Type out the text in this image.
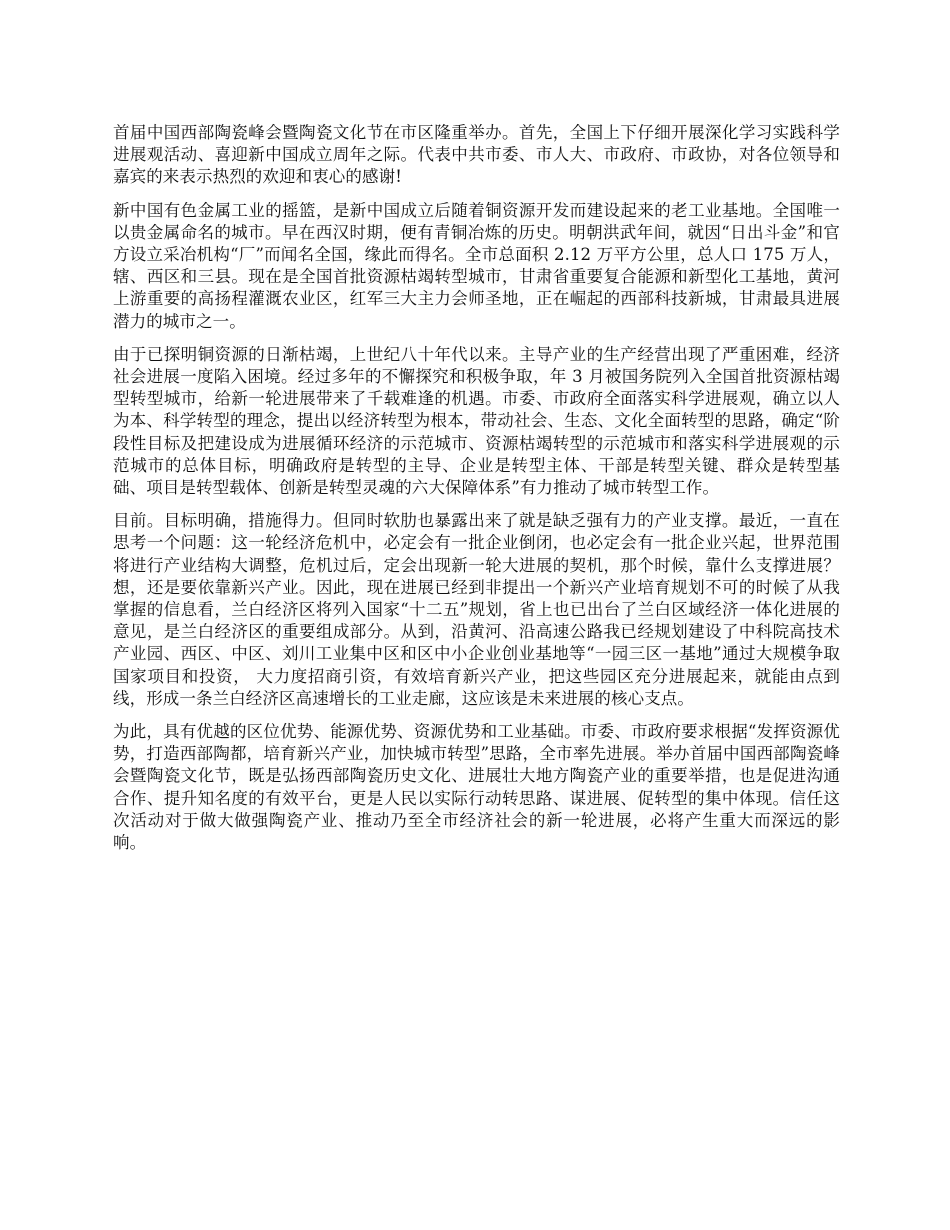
首届中国西部陶瓷峰会暨陶瓷文化节在市区隆重举办。首先，全国上下仔细开展深化学习实践科学进展观活动、喜迎新中国成立周年之际。代表中共市委、市人大、市政府、市政协，对各位领导和嘉宾的来表示热烈的欢迎和衷心的感谢!

新中国有色金属工业的摇篮，是新中国成立后随着铜资源开发而建设起来的老工业基地。全国唯一以贵金属命名的城市。早在西汉时期，便有青铜冶炼的历史。明朝洪武年间，就因“日出斗金”和官方设立采冶机构“厂”而闻名全国，缘此而得名。全市总面积 2.12 万平方公里，总人口 175 万人，辖、西区和三县。现在是全国首批资源枯竭转型城市，甘肃省重要复合能源和新型化工基地，黄河上游重要的高扬程灌溉农业区，红军三大主力会师圣地，正在崛起的西部科技新城，甘肃最具进展潜力的城市之一。

由于已探明铜资源的日渐枯竭，上世纪八十年代以来。主导产业的生产经营出现了严重困难，经济社会进展一度陷入困境。经过多年的不懈探究和积极争取，年 3 月被国务院列入全国首批资源枯竭型转型城市，给新一轮进展带来了千载难逢的机遇。市委、市政府全面落实科学进展观，确立以人为本、科学转型的理念，提出以经济转型为根本，带动社会、生态、文化全面转型的思路，确定“阶段性目标及把建设成为进展循环经济的示范城市、资源枯竭转型的示范城市和落实科学进展观的示范城市的总体目标，明确政府是转型的主导、企业是转型主体、干部是转型关键、群众是转型基础、项目是转型载体、创新是转型灵魂的六大保障体系”有力推动了城市转型工作。

目前。目标明确，措施得力。但同时软肋也暴露出来了就是缺乏强有力的产业支撑。最近，一直在思考一个问题：这一轮经济危机中，必定会有一批企业倒闭，也必定会有一批企业兴起，世界范围将进行产业结构大调整，危机过后，定会出现新一轮大进展的契机，那个时候，靠什么支撑进展？想，还是要依靠新兴产业。因此，现在进展已经到非提出一个新兴产业培育规划不可的时候了从我掌握的信息看，兰白经济区将列入国家“十二五”规划，省上也已出台了兰白区域经济一体化进展的意见，是兰白经济区的重要组成部分。从到，沿黄河、沿高速公路我已经规划建设了中科院高技术产业园、西区、中区、刘川工业集中区和区中小企业创业基地等“一园三区一基地”通过大规模争取国家项目和投资， 大力度招商引资，有效培育新兴产业，把这些园区充分进展起来，就能由点到线，形成一条兰白经济区高速增长的工业走廊，这应该是未来进展的核心支点。

为此，具有优越的区位优势、能源优势、资源优势和工业基础。市委、市政府要求根据“发挥资源优势，打造西部陶都，培育新兴产业，加快城市转型”思路，全市率先进展。举办首届中国西部陶瓷峰会暨陶瓷文化节，既是弘扬西部陶瓷历史文化、进展壮大地方陶瓷产业的重要举措，也是促进沟通合作、提升知名度的有效平台，更是人民以实际行动转思路、谋进展、促转型的集中体现。信任这次活动对于做大做强陶瓷产业、推动乃至全市经济社会的新一轮进展，必将产生重大而深远的影响。
